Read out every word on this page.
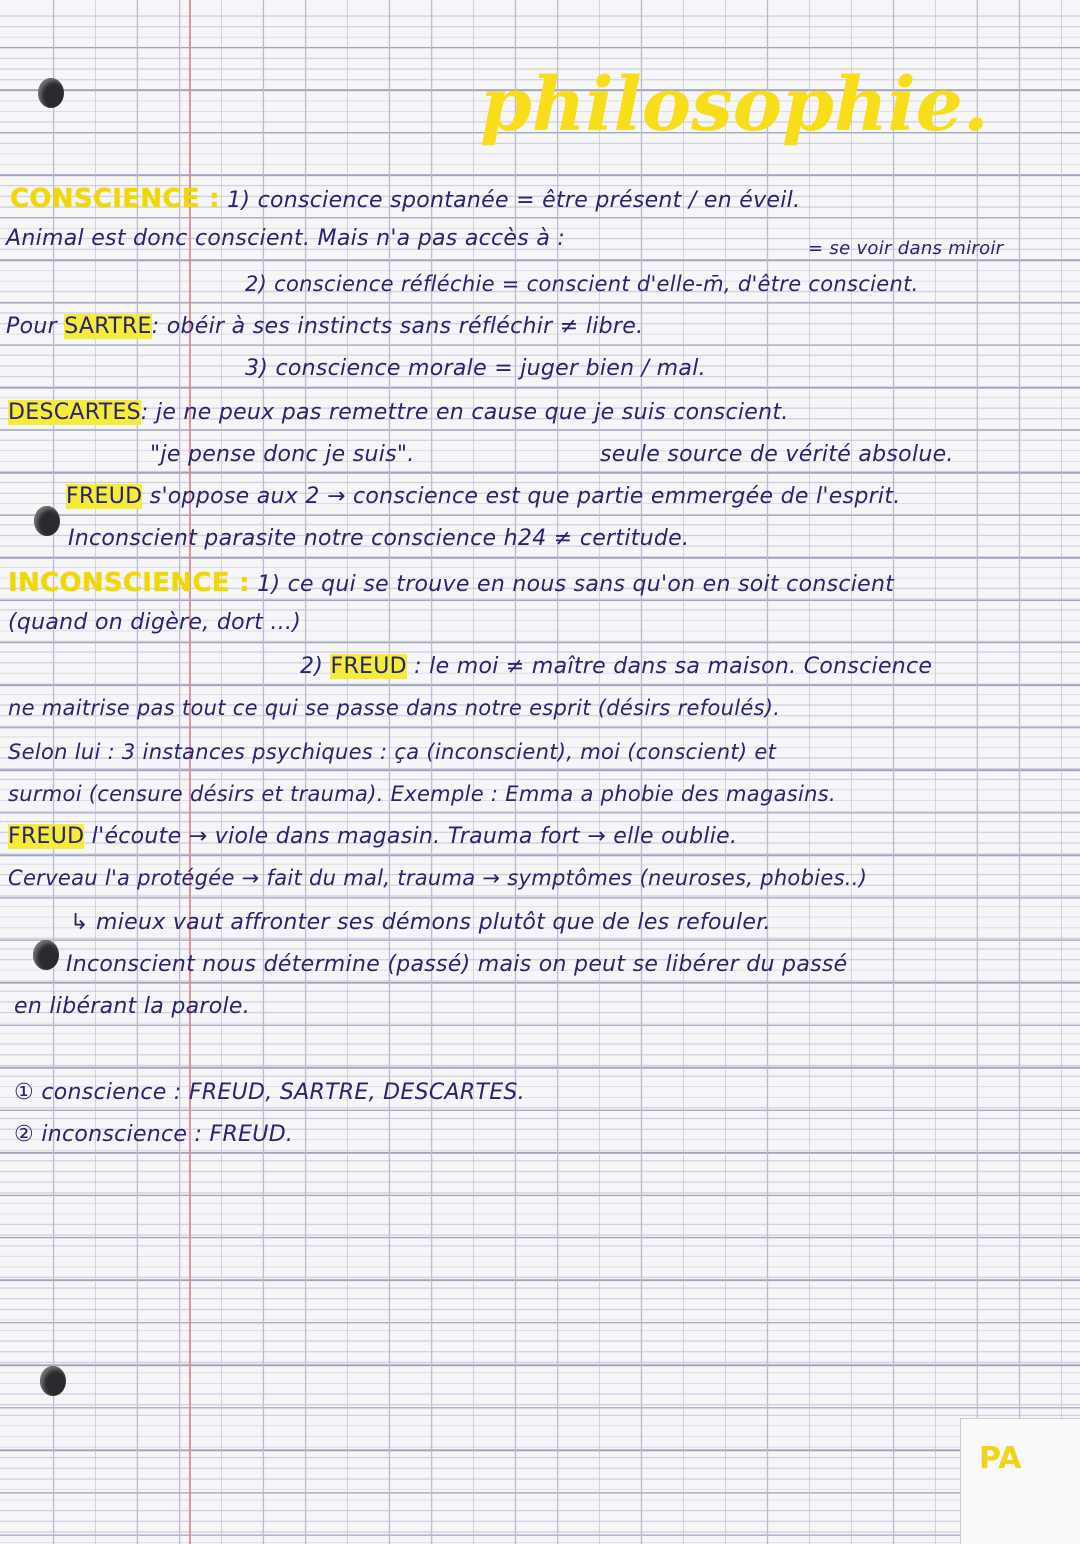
philosophie.
CONSCIENCE : 1) conscience spontanée = être présent / en éveil.
Animal est donc conscient. Mais n'a pas accès à :	= se voir dans miroir
2) conscience réfléchie = conscient d'elle-m̄, d'être conscient.
Pour SARTRE: obéir à ses instincts sans réfléchir ≠ libre.
3) conscience morale = juger bien / mal.
DESCARTES: je ne peux pas remettre en cause que je suis conscient.
"je pense donc je suis".	seule source de vérité absolue.
FREUD s'oppose aux 2 → conscience est que partie emmergée de l'esprit.
Inconscient parasite notre conscience h24 ≠ certitude.
INCONSCIENCE : 1) ce qui se trouve en nous sans qu'on en soit conscient
(quand on digère, dort ...)
2) FREUD : le moi ≠ maître dans sa maison. Conscience
ne maitrise pas tout ce qui se passe dans notre esprit (désirs refoulés).
Selon lui : 3 instances psychiques : ça (inconscient), moi (conscient) et
surmoi (censure désirs et trauma). Exemple : Emma a phobie des magasins.
FREUD l'écoute → viole dans magasin. Trauma fort → elle oublie.
Cerveau l'a protégée → fait du mal, trauma → symptômes (neuroses, phobies..)
↳ mieux vaut affronter ses démons plutôt que de les refouler.
Inconscient nous détermine (passé) mais on peut se libérer du passé
en libérant la parole.
① conscience : FREUD, SARTRE, DESCARTES.
② inconscience : FREUD.
PA
